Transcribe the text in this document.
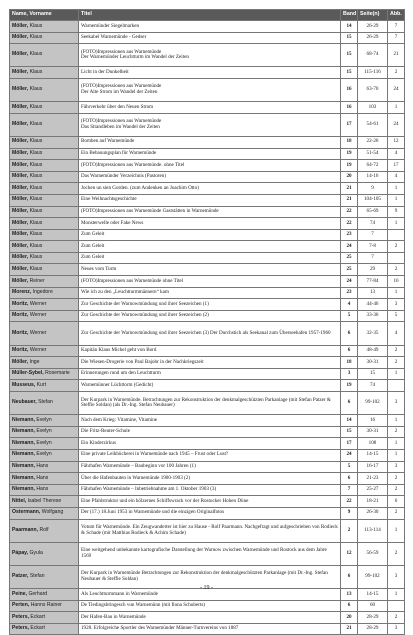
Name, Vorname	Titel	Band	Seite(n)	Abb.
Möller, Klaus	Warnemünder Siegelmarken	14	26-29	7
Möller, Klaus	Seekabel Warnemünde - Gedser	15	26-29	7
Möller, Klaus	(FOTO)Impressionen aus Warnemünde
Der Warnemünder Leuchtturm im Wandel der Zeiten	15	68-74	21
Möller, Klaus	Licht in der Dunkelheit	15	115-116	2
Möller, Klaus	(FOTO)Impressionen aus Warnemünde
Der Alte Strom im Wandel der Zeiten	16	63-70	24
Möller, Klaus	Fährverkehr über den Neuen Strom	16	103	1
Möller, Klaus	(FOTO)Impressionen aus Warnemünde
Das Strandleben im Wandel der Zeiten	17	54-61	24
Möller, Klaus	Bomben auf Warnemünde	18	22-26	12
Möller, Klaus	Ein Bebauungsplan für Warnemünde	19	51-54	4
Möller, Klaus	(FOTO)Impressionen aus Warnemünde. ohne Titel	19	64-72	17
Möller, Klaus	Das Warnemünder Verzeichnis (Pastoren)	20	14-16	4
Möller, Klaus	Jochen un sien Gorden. (zum Andenken an Joachim Otto)	21	9	1
Möller, Klaus	Eine Weihnachtsgeschichte	21	104-105	1
Möller, Klaus	(FOTO)Impressionen aus Warnemünde Gaststätten in Warnemünde	22	65-69	9
Möller, Klaus	Monsterwelle oder Fake News	22	74	1
Möller, Klaus	Zum Geleit	23	7	
Möller, Klaus	Zum Geleit	24	7-8	2
Möller, Klaus	Zum Geleit	25	7	
Möller, Klaus	Neues vom Turm	25	29	2
Möller, Reiner	(FOTO)Impressionen aus Warnemünde ohne Titel	24	77-84	16
Morenz, Ingedore	Wie ich zu den „Leuchtturmmännern“ kam	23	13	1
Moritz, Werner	Zur Geschichte der Warnowmündung und ihrer Seezeichen (1)	4	44-46	3
Moritz, Werner	Zur Geschichte der Warnowmündung und ihrer Seezeichen (2)	5	33-36	5
Moritz, Werner	Zur Geschichte der Warnowmündung und ihrer Seezeichen (3) Der Durchstich als Seekanal zum Überseehafen 1957-1960	6	32-35	4
Moritz, Werner	Kapitän Klaus Michel geht von Bord	6	48-49	2
Möller, Inge	Die Wiesen-Drogerie von Paul Bajohr in der Nachkriegszeit	18	30-31	2
Müller-Sybel, Rosemarie	Erinnerungen rund um den Leuchtturm	3	15	1
Musseus, Kurt	Warnemünner Lüchttorm (Gedicht)	19	74	
Neubauer, Stefan	Der Kurpark in Warnemünde. Betrachtungen zur Rekonstruktion der denkmalgeschützten Parkanlage (mit Stefan Patzer & Steffie Soldan) (als Dr.-Ing. Stefan Neubauer)	6	99-102	3
Niemann, Evelyn	Nach dem Krieg: Vitamine, Vitamine	14	16	1
Niemann, Evelyn	Die Fritz-Reuter-Schule	15	30-31	2
Niemann, Evelyn	Ein Kinderzirkus	17	108	1
Niemann, Evelyn	Eine private Leihbücherei in Warnemünde nach 1945 – Frust oder Lust?	24	14-15	1
Niemann, Hans	Fährhafen Warnemünde – Baubeginn vor 100 Jahren (1)	5	16-17	3
Niemann, Hans	Über die Hafenbauten in Warnemünde 1900-1903 (2)	6	21-23	2
Niemann, Hans	Fährhafen Warnemünde – Inbetriebnahme am 1. Oktober 1903 (3)	7	25-27	2
Nittel, Isabel Therese	Eine Pfahlstruktur und ein hölzernes Schiffswrack vor der Rostocker Hohen Düne	22	18-21	6
Ostermann, Wolfgang	Der (17.) 18.Juni 1953 in Warnemünde und die einzigen Originalfotos	9	26-30	2
Paarmann, Rolf	Votum für Warnemünde. Ein Zeugwanderter ist hier zu Hause - Rolf Paarmann. Nachgefragt und aufgeschrieben von Rodieck & Schade (mit Matthias Rodieck & Achim Schade)	2	113-114	1
Pápay, Gyula	Eine weitgehend unbekannte kartografische Darstellung der Warnow zwischen Warnemünde und Rostock aus dem Jahre 1569	12	56-59	2
Patzer, Stefan	Der Kurpark in Warnemünde Betrachtungen zur Rekonstruktion der denkmalgeschützten Parkanlage (mit Dr.-Ing. Stefan Neubauer & Steffie Soldan)	6	99-102	3
Peine, Gerhard	Als Leuchtturmmann in Warnemünde	13	14-15	1
Perten, Hanns Rainer	De Tiedingsbringesch vun Warnemünn (mit Ilona Schuberts)	6	60	
Peters, Eckart	Der Hafen-Bau in Warnemünde	20	28-29	2
Peters, Eckart	1928. Erfolgreiche Sportler des Warnemünder Männer-Turnvereins von 1887	21	28-29	3
- 19 -
